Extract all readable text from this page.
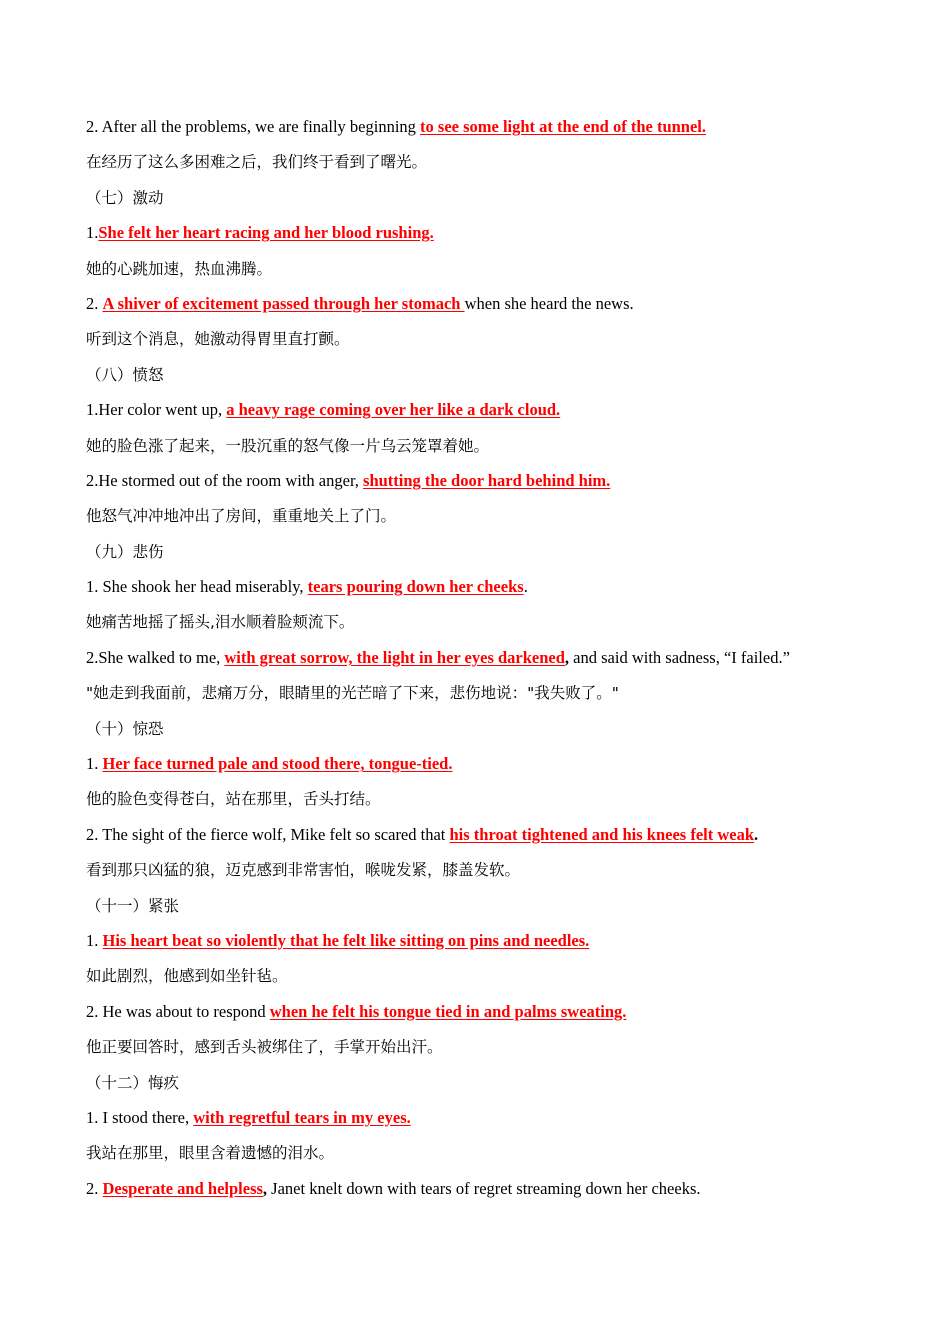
2. After all the problems, we are finally beginning to see some light at the end of the tunnel.
在经历了这么多困难之后，我们终于看到了曙光。
（七）激动
1.She felt her heart racing and her blood rushing.
她的心跳加速，热血沸腾。
2. A shiver of excitement passed through her stomach when she heard the news.
听到这个消息，她激动得胃里直打颤。
（八）愤怒
1.Her color went up, a heavy rage coming over her like a dark cloud.
她的脸色涨了起来，一股沉重的怒气像一片乌云笼罩着她。
2.He stormed out of the room with anger, shutting the door hard behind him.
他怒气冲冲地冲出了房间，重重地关上了门。
（九）悲伤
1. She shook her head miserably, tears pouring down her cheeks.
她痛苦地摇了摇头,泪水顺着脸颊流下。
2.She walked to me, with great sorrow, the light in her eyes darkened, and said with sadness, “I failed.”
"她走到我面前，悲痛万分，眼睛里的光芒暗了下来，悲伤地说："我失败了。"
（十）惊恐
1. Her face turned pale and stood there, tongue-tied.
他的脸色变得苍白，站在那里，舌头打结。
2. The sight of the fierce wolf, Mike felt so scared that his throat tightened and his knees felt weak.
看到那只凶猛的狼，迈克感到非常害怕，喉咙发紧，膝盖发软。
（十一）紧张
1. His heart beat so violently that he felt like sitting on pins and needles.
如此剧烈，他感到如坐针毡。
2. He was about to respond when he felt his tongue tied in and palms sweating.
他正要回答时，感到舌头被绑住了，手掌开始出汗。
（十二）悔疚
1. I stood there, with regretful tears in my eyes.
我站在那里，眼里含着遗憾的泪水。
2. Desperate and helpless, Janet knelt down with tears of regret streaming down her cheeks.
